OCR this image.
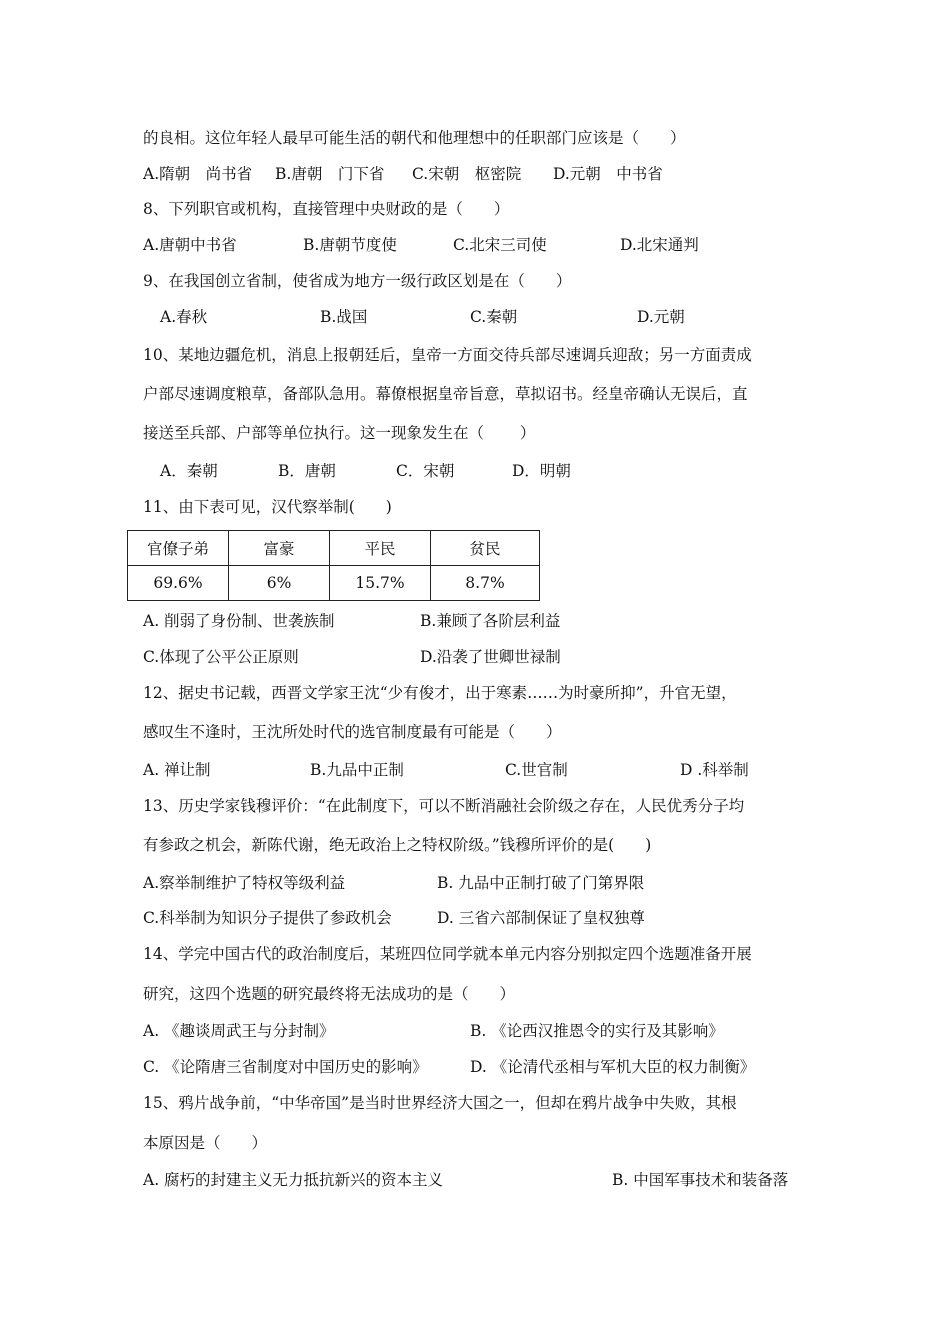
的良相。这位年轻人最早可能生活的朝代和他理想中的任职部门应该是（　　）
A.隋朝　尚书省 B.唐朝　门下省 C.宋朝　枢密院 D.元朝　中书省
8、下列职官或机构，直接管理中央财政的是（　　）
A.唐朝中书省	B.唐朝节度使	C.北宋三司使	D.北宋通判
9、在我国创立省制，使省成为地方一级行政区划是在（　　）
A.春秋	B.战国	C.秦朝	D.元朝
10、某地边疆危机，消息上报朝廷后，皇帝一方面交待兵部尽速调兵迎敌；另一方面责成
户部尽速调度粮草，备部队急用。幕僚根据皇帝旨意，草拟诏书。经皇帝确认无误后，直
接送至兵部、户部等单位执行。这一现象发生在（　　 ）
A．秦朝	B．唐朝	C．宋朝	D．明朝
11、由下表可见，汉代察举制(　　)
官僚子弟	富豪	平民	贫民
69.6%	6%	15.7%	8.7%
A. 削弱了身份制、世袭族制	B.兼顾了各阶层利益
C.体现了公平公正原则	D.沿袭了世卿世禄制
12、据史书记载，西晋文学家王沈“少有俊才，出于寒素……为时豪所抑”，升官无望，
感叹生不逢时，王沈所处时代的选官制度最有可能是（　　）
A. 禅让制	B.九品中正制	C.世官制	D .科举制
13、历史学家钱穆评价：“在此制度下，可以不断消融社会阶级之存在，人民优秀分子均
有参政之机会，新陈代谢，绝无政治上之特权阶级。”钱穆所评价的是(　　)
A.察举制维护了特权等级利益	B. 九品中正制打破了门第界限
C.科举制为知识分子提供了参政机会	D. 三省六部制保证了皇权独尊
14、学完中国古代的政治制度后，某班四位同学就本单元内容分别拟定四个选题准备开展
研究，这四个选题的研究最终将无法成功的是（　　）
A. 《趣谈周武王与分封制》	B. 《论西汉推恩令的实行及其影响》
C. 《论隋唐三省制度对中国历史的影响》	D. 《论清代丞相与军机大臣的权力制衡》
15、鸦片战争前，“中华帝国”是当时世界经济大国之一，但却在鸦片战争中失败，其根
本原因是（　　）
A. 腐朽的封建主义无力抵抗新兴的资本主义	B. 中国军事技术和装备落
